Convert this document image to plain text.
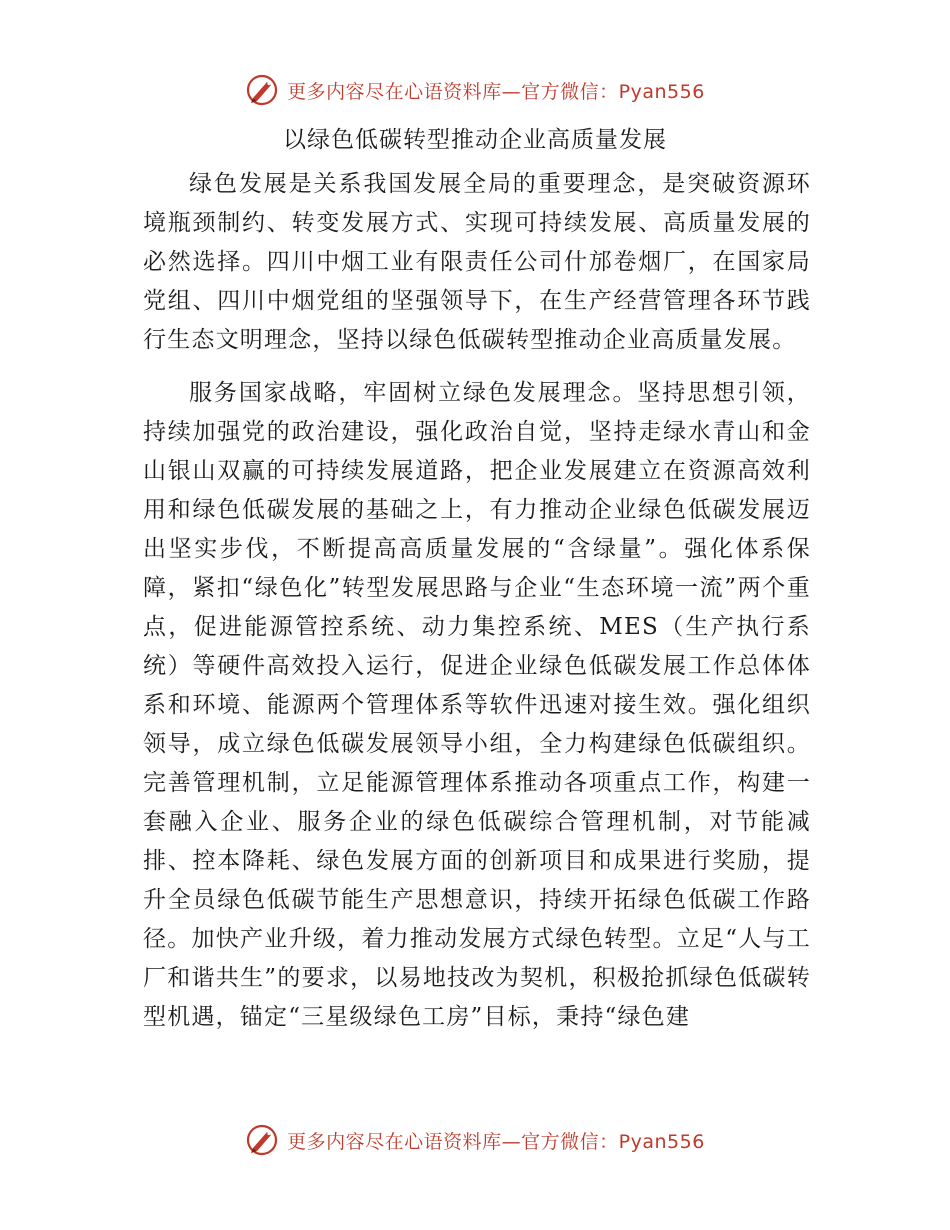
更多内容尽在心语资料库—官方微信：Pyan556
以绿色低碳转型推动企业高质量发展

绿色发展是关系我国发展全局的重要理念，是突破资源环境瓶颈制约、转变发展方式、实现可持续发展、高质量发展的必然选择。四川中烟工业有限责任公司什邡卷烟厂，在国家局党组、四川中烟党组的坚强领导下，在生产经营管理各环节践行生态文明理念，坚持以绿色低碳转型推动企业高质量发展。

服务国家战略，牢固树立绿色发展理念。坚持思想引领，持续加强党的政治建设，强化政治自觉，坚持走绿水青山和金山银山双赢的可持续发展道路，把企业发展建立在资源高效利用和绿色低碳发展的基础之上，有力推动企业绿色低碳发展迈出坚实步伐，不断提高高质量发展的“含绿量”。强化体系保障，紧扣“绿色化”转型发展思路与企业“生态环境一流”两个重点，促进能源管控系统、动力集控系统、MES（生产执行系统）等硬件高效投入运行，促进企业绿色低碳发展工作总体体系和环境、能源两个管理体系等软件迅速对接生效。强化组织领导，成立绿色低碳发展领导小组，全力构建绿色低碳组织。完善管理机制，立足能源管理体系推动各项重点工作，构建一套融入企业、服务企业的绿色低碳综合管理机制，对节能减排、控本降耗、绿色发展方面的创新项目和成果进行奖励，提升全员绿色低碳节能生产思想意识，持续开拓绿色低碳工作路径。加快产业升级，着力推动发展方式绿色转型。立足“人与工厂和谐共生”的要求，以易地技改为契机，积极抢抓绿色低碳转型机遇，锚定“三星级绿色工房”目标，秉持“绿色建

更多内容尽在心语资料库—官方微信：Pyan556
